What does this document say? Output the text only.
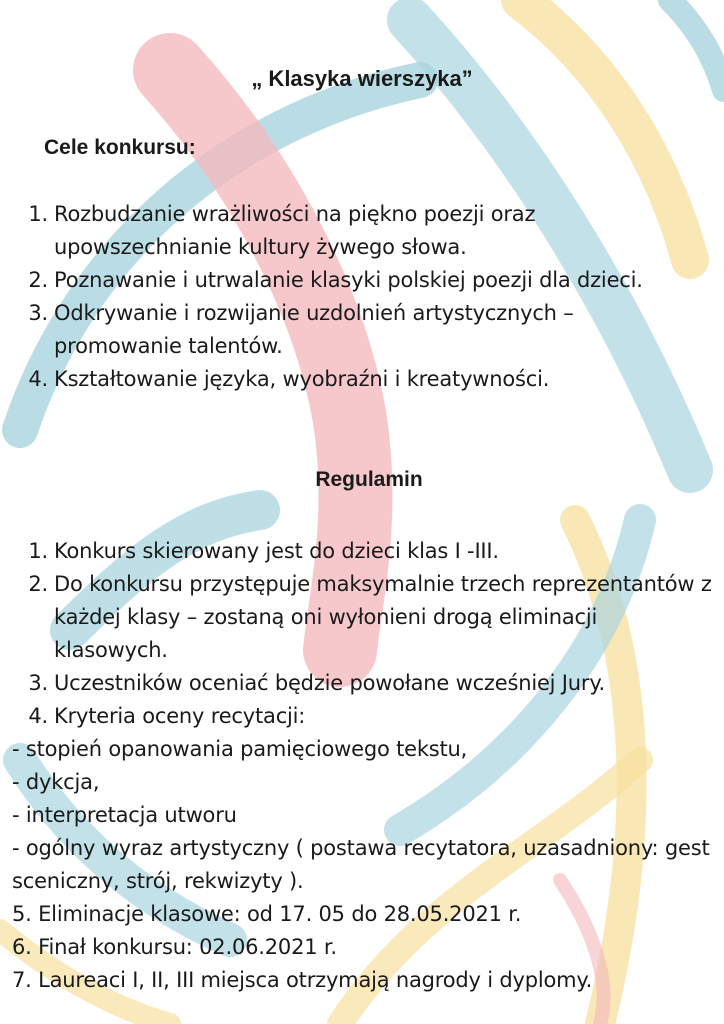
„ Klasyka wierszyka”
Cele konkursu:
1. Rozbudzanie wrażliwości na piękno poezji oraz upowszechnianie kultury żywego słowa.
2. Poznawanie i utrwalanie klasyki polskiej poezji dla dzieci.
3. Odkrywanie i rozwijanie uzdolnień artystycznych – promowanie talentów.
4. Kształtowanie języka, wyobraźni i kreatywności.
Regulamin
1. Konkurs skierowany jest do dzieci klas I -III.
2. Do konkursu przystępuje maksymalnie trzech reprezentantów z każdej klasy – zostaną oni wyłonieni drogą eliminacji klasowych.
3. Uczestników oceniać będzie powołane wcześniej Jury.
4. Kryteria oceny recytacji:
- stopień opanowania pamięciowego tekstu,
- dykcja,
- interpretacja utworu
- ogólny wyraz artystyczny ( postawa recytatora, uzasadniony: gest sceniczny, strój, rekwizyty ).
5. Eliminacje klasowe: od 17. 05 do 28.05.2021 r.
6. Finał konkursu: 02.06.2021 r.
7. Laureaci I, II, III miejsca otrzymają nagrody i dyplomy.
